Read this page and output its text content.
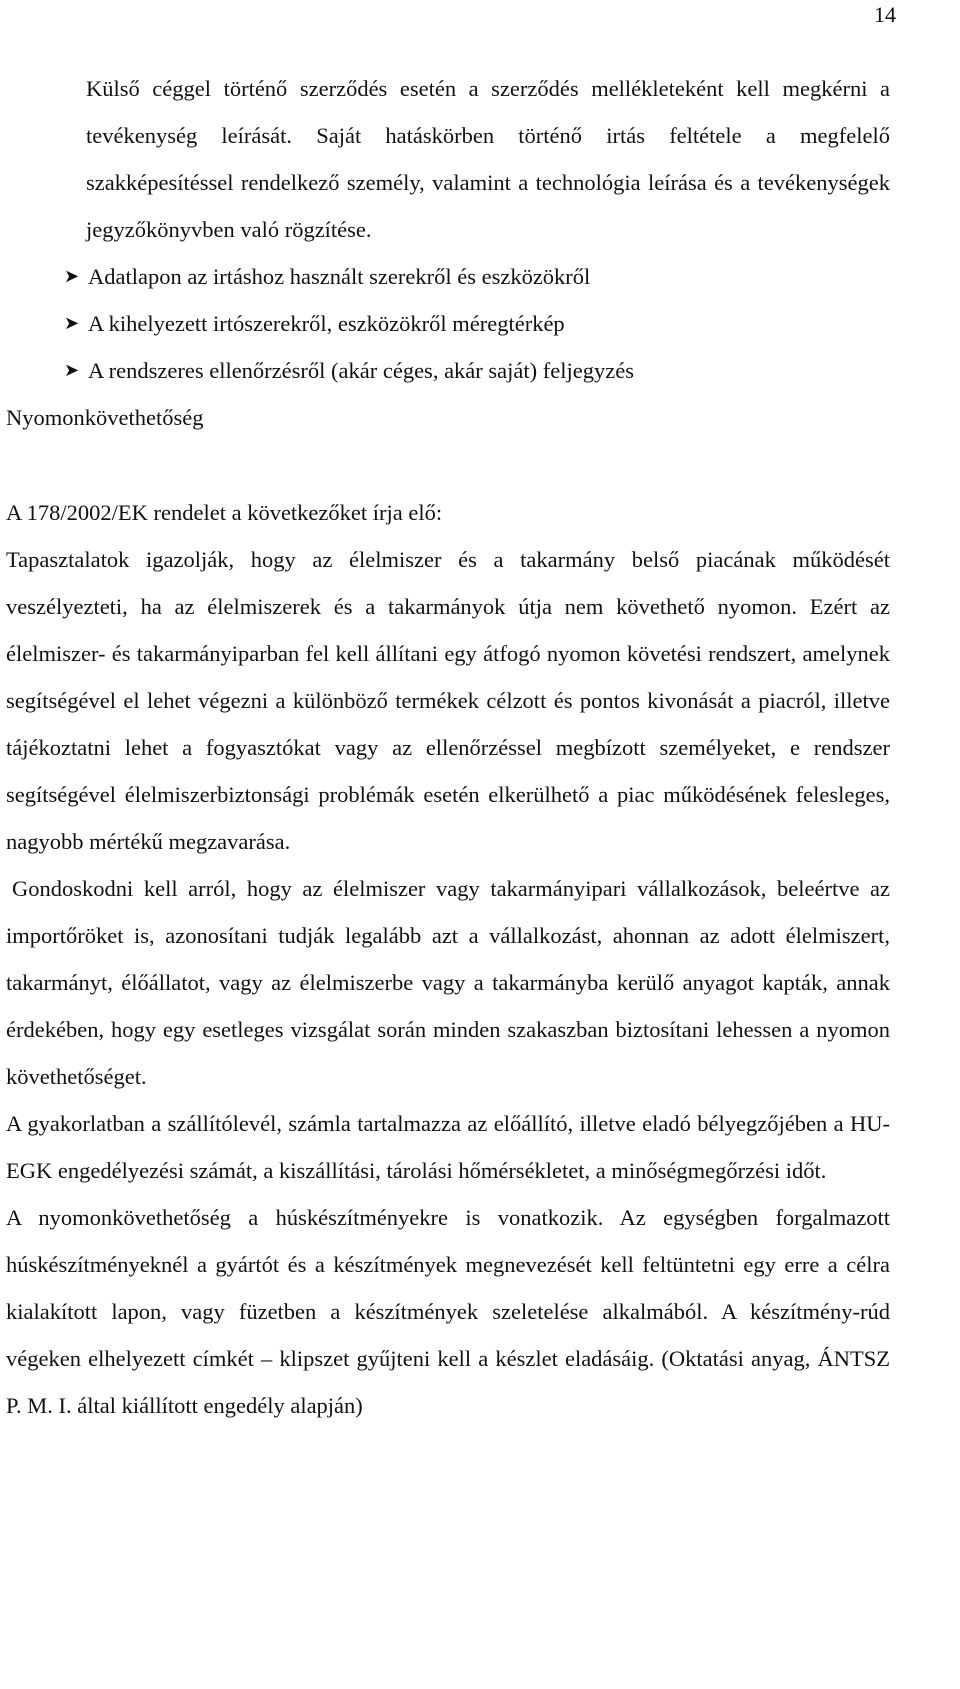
14

Külső céggel történő szerződés esetén a szerződés mellékleteként kell megkérni a tevékenység leírását. Saját hatáskörben történő irtás feltétele a megfelelő szakképesítéssel rendelkező személy, valamint a technológia leírása és a tevékenységek jegyzőkönyvben való rögzítése.

➤ Adatlapon az irtáshoz használt szerekről és eszközökről
➤ A kihelyezett irtószerekről, eszközökről méregtérkép
➤ A rendszeres ellenőrzésről (akár céges, akár saját) feljegyzés

Nyomonkövethetőség

A 178/2002/EK rendelet a következőket írja elő:

Tapasztalatok igazolják, hogy az élelmiszer és a takarmány belső piacának működését veszélyezteti, ha az élelmiszerek és a takarmányok útja nem követhető nyomon. Ezért az élelmiszer- és takarmányiparban fel kell állítani egy átfogó nyomon követési rendszert, amelynek segítségével el lehet végezni a különböző termékek célzott és pontos kivonását a piacról, illetve tájékoztatni lehet a fogyasztókat vagy az ellenőrzéssel megbízott személyeket, e rendszer segítségével élelmiszerbiztonsági problémák esetén elkerülhető a piac működésének felesleges, nagyobb mértékű megzavarása.

Gondoskodni kell arról, hogy az élelmiszer vagy takarmányipari vállalkozások, beleértve az importőröket is, azonosítani tudják legalább azt a vállalkozást, ahonnan az adott élelmiszert, takarmányt, élőállatot, vagy az élelmiszerbe vagy a takarmányba kerülő anyagot kapták, annak érdekében, hogy egy esetleges vizsgálat során minden szakaszban biztosítani lehessen a nyomon követhetőséget.

A gyakorlatban a szállítólevél, számla tartalmazza az előállító, illetve eladó bélyegzőjében a HU-EGK engedélyezési számát, a kiszállítási, tárolási hőmérsékletet, a minőségmegőrzési időt.

A nyomonkövethetőség a húskészítményekre is vonatkozik. Az egységben forgalmazott húskészítményeknél a gyártót és a készítmények megnevezését kell feltüntetni egy erre a célra kialakított lapon, vagy füzetben a készítmények szeletelése alkalmából. A készítmény-rúd végeken elhelyezett címkét – klipszet gyűjteni kell a készlet eladásáig. (Oktatási anyag, ÁNTSZ P. M. I. által kiállított engedély alapján)
